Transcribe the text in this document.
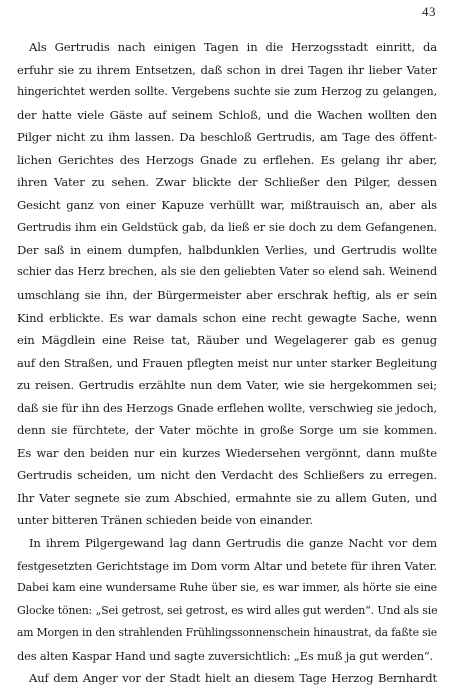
43
Als Gertrudis nach einigen Tagen in die Herzogsstadt einritt, da
erfuhr sie zu ihrem Entsetzen, daß schon in drei Tagen ihr lieber Vater
hingerichtet werden sollte. Vergebens suchte sie zum Herzog zu gelangen,
der hatte viele Gäste auf seinem Schloß, und die Wachen wollten den
Pilger nicht zu ihm lassen. Da beschloß Gertrudis, am Tage des öffent-
lichen Gerichtes des Herzogs Gnade zu erflehen. Es gelang ihr aber,
ihren Vater zu sehen. Zwar blickte der Schließer den Pilger, dessen
Gesicht ganz von einer Kapuze verhüllt war, mißtrauisch an, aber als
Gertrudis ihm ein Geldstück gab, da ließ er sie doch zu dem Gefangenen.
Der saß in einem dumpfen, halbdunklen Verlies, und Gertrudis wollte
schier das Herz brechen, als sie den geliebten Vater so elend sah. Weinend
umschlang sie ihn, der Bürgermeister aber erschrak heftig, als er sein
Kind erblickte. Es war damals schon eine recht gewagte Sache, wenn
ein Mägdlein eine Reise tat, Räuber und Wegelagerer gab es genug
auf den Straßen, und Frauen pflegten meist nur unter starker Begleitung
zu reisen. Gertrudis erzählte nun dem Vater, wie sie hergekommen sei;
daß sie für ihn des Herzogs Gnade erflehen wollte, verschwieg sie jedoch,
denn sie fürchtete, der Vater möchte in große Sorge um sie kommen.
Es war den beiden nur ein kurzes Wiedersehen vergönnt, dann mußte
Gertrudis scheiden, um nicht den Verdacht des Schließers zu erregen.
Ihr Vater segnete sie zum Abschied, ermahnte sie zu allem Guten, und
unter bitteren Tränen schieden beide von einander.
In ihrem Pilgergewand lag dann Gertrudis die ganze Nacht vor dem
festgesetzten Gerichtstage im Dom vorm Altar und betete für ihren Vater.
Dabei kam eine wundersame Ruhe über sie, es war immer, als hörte sie eine
Glocke tönen: „Sei getrost, sei getrost, es wird alles gut werden“. Und als sie
am Morgen in den strahlenden Frühlingssonnenschein hinaustrat, da faßte sie
des alten Kaspar Hand und sagte zuversichtlich: „Es muß ja gut werden“.
Auf dem Anger vor der Stadt hielt an diesem Tage Herzog Bernhardt
